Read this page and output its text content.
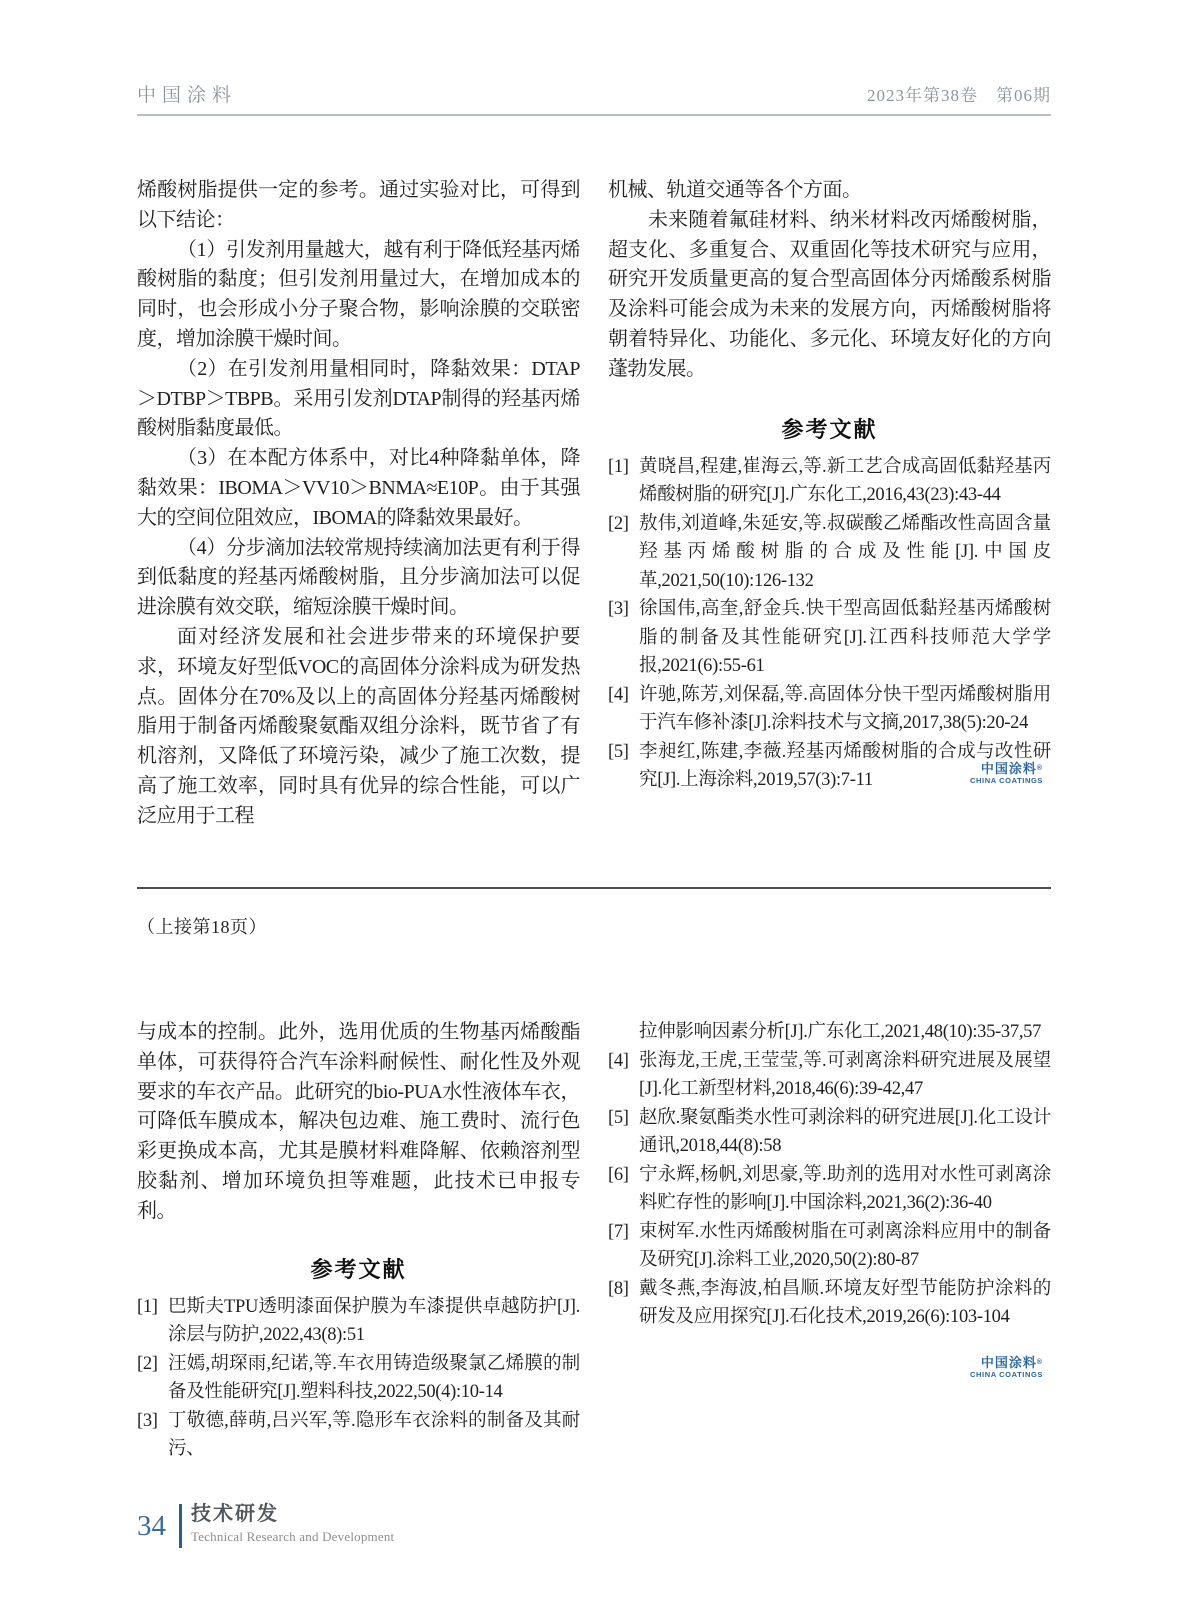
中国涂料	2023年第38卷　第06期

烯酸树脂提供一定的参考。通过实验对比，可得到以下结论：

（1）引发剂用量越大，越有利于降低羟基丙烯酸树脂的黏度；但引发剂用量过大，在增加成本的同时，也会形成小分子聚合物，影响涂膜的交联密度，增加涂膜干燥时间。

（2）在引发剂用量相同时，降黏效果：DTAP＞DTBP＞TBPB。采用引发剂DTAP制得的羟基丙烯酸树脂黏度最低。

（3）在本配方体系中，对比4种降黏单体，降黏效果：IBOMA＞VV10＞BNMA≈E10P。由于其强大的空间位阻效应，IBOMA的降黏效果最好。

（4）分步滴加法较常规持续滴加法更有利于得到低黏度的羟基丙烯酸树脂，且分步滴加法可以促进涂膜有效交联，缩短涂膜干燥时间。

面对经济发展和社会进步带来的环境保护要求，环境友好型低VOC的高固体分涂料成为研发热点。固体分在70%及以上的高固体分羟基丙烯酸树脂用于制备丙烯酸聚氨酯双组分涂料，既节省了有机溶剂，又降低了环境污染，减少了施工次数，提高了施工效率，同时具有优异的综合性能，可以广泛应用于工程

机械、轨道交通等各个方面。

未来随着氟硅材料、纳米材料改丙烯酸树脂，超支化、多重复合、双重固化等技术研究与应用，研究开发质量更高的复合型高固体分丙烯酸系树脂及涂料可能会成为未来的发展方向，丙烯酸树脂将朝着特异化、功能化、多元化、环境友好化的方向蓬勃发展。

参考文献
[1] 黄晓昌,程建,崔海云,等.新工艺合成高固低黏羟基丙烯酸树脂的研究[J].广东化工,2016,43(23):43-44
[2] 敖伟,刘道峰,朱延安,等.叔碳酸乙烯酯改性高固含量羟基丙烯酸树脂的合成及性能[J].中国皮革,2021,50(10):126-132
[3] 徐国伟,高奎,舒金兵.快干型高固低黏羟基丙烯酸树脂的制备及其性能研究[J].江西科技师范大学学报,2021(6):55-61
[4] 许驰,陈芳,刘保磊,等.高固体分快干型丙烯酸树脂用于汽车修补漆[J].涂料技术与文摘,2017,38(5):20-24
[5] 李昶红,陈建,李薇.羟基丙烯酸树脂的合成与改性研究[J].上海涂料,2019,57(3):7-11
中国涂料®
CHINA COATINGS
（上接第18页）

与成本的控制。此外，选用优质的生物基丙烯酸酯单体，可获得符合汽车涂料耐候性、耐化性及外观要求的车衣产品。此研究的bio-PUA水性液体车衣，可降低车膜成本，解决包边难、施工费时、流行色彩更换成本高，尤其是膜材料难降解、依赖溶剂型胶黏剂、增加环境负担等难题，此技术已申报专利。

参考文献
[1] 巴斯夫TPU透明漆面保护膜为车漆提供卓越防护[J].涂层与防护,2022,43(8):51
[2] 汪嫣,胡琛雨,纪诺,等.车衣用铸造级聚氯乙烯膜的制备及性能研究[J].塑料科技,2022,50(4):10-14
[3] 丁敬德,薛萌,吕兴军,等.隐形车衣涂料的制备及其耐污、
拉伸影响因素分析[J].广东化工,2021,48(10):35-37,57
[4] 张海龙,王虎,王莹莹,等.可剥离涂料研究进展及展望[J].化工新型材料,2018,46(6):39-42,47
[5] 赵欣.聚氨酯类水性可剥涂料的研究进展[J].化工设计通讯,2018,44(8):58
[6] 宁永辉,杨帆,刘思豪,等.助剂的选用对水性可剥离涂料贮存性的影响[J].中国涂料,2021,36(2):36-40
[7] 束树军.水性丙烯酸树脂在可剥离涂料应用中的制备及研究[J].涂料工业,2020,50(2):80-87
[8] 戴冬燕,李海波,柏昌顺.环境友好型节能防护涂料的研发及应用探究[J].石化技术,2019,26(6):103-104
中国涂料®
CHINA COATINGS
34 技术研发
Technical Research and Development
